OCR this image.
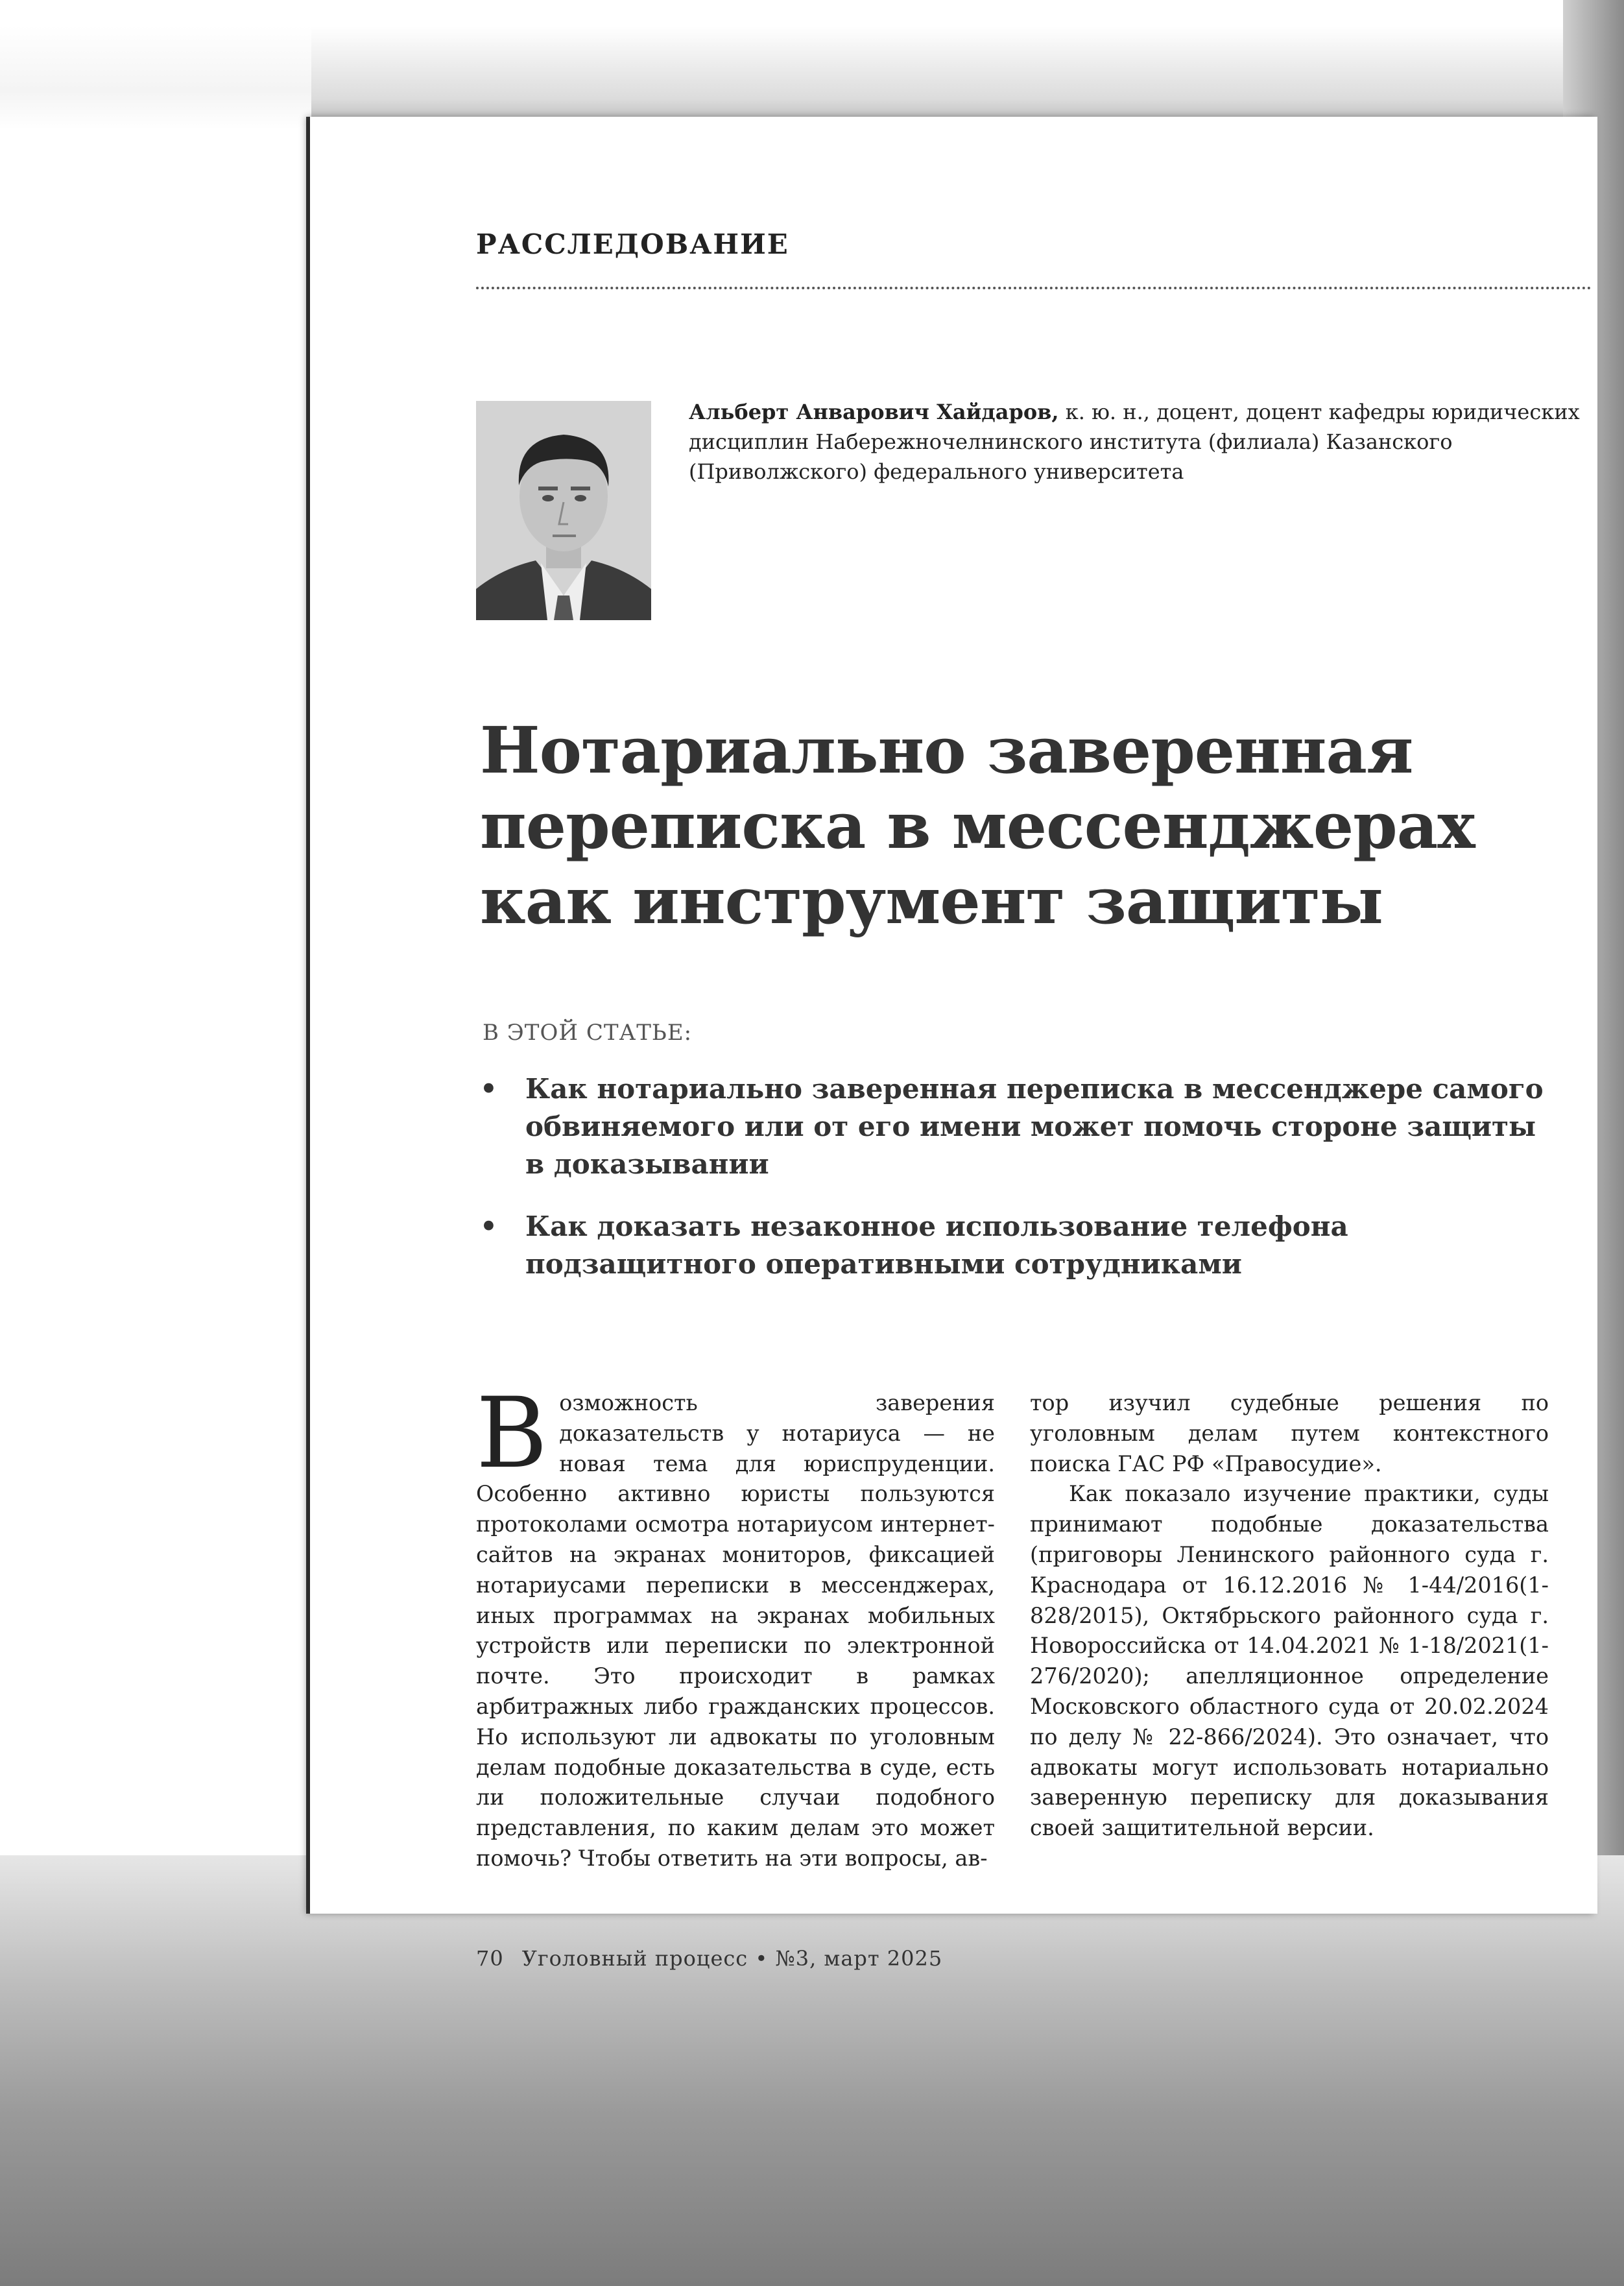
РАССЛЕДОВАНИЕ
Альберт Анварович Хайдаров, к. ю. н., доцент, доцент кафедры юридических дисциплин Набережночелнинского института (филиала) Казанского (Приволжского) федерального университета
Нотариально заверенная
переписка в мессенджерах
как инструмент защиты
В ЭТОЙ СТАТЬЕ:
• Как нотариально заверенная переписка в мессенджере самого обвиняемого или от его имени может помочь стороне защиты в доказывании
• Как доказать незаконное использование телефона подзащитного оперативными сотрудниками

Возможность заверения доказательств у нотариуса — не новая тема для юриспруденции. Особенно активно юристы пользуются протоколами осмотра нотариусом интернет-сайтов на экранах мониторов, фиксацией нотариусами переписки в мессенджерах, иных программах на экранах мобильных устройств или переписки по электронной почте. Это происходит в рамках арбитражных либо гражданских процессов. Но используют ли адвокаты по уголовным делам подобные доказательства в суде, есть ли положительные случаи подобного представления, по каким делам это может помочь? Чтобы ответить на эти вопросы, ав-

тор изучил судебные решения по уголовным делам путем контекстного поиска ГАС РФ «Правосудие».

Как показало изучение практики, суды принимают подобные доказательства (приговоры Ленинского районного суда г. Краснодара от 16.12.2016 № 1-44/2016(1-828/2015), Октябрьского районного суда г. Новороссийска от 14.04.2021 № 1-18/2021(1-276/2020); апелляционное определение Московского областного суда от 20.02.2024 по делу № 22-866/2024). Это означает, что адвокаты могут использовать нотариально заверенную переписку для доказывания своей защитительной версии.

70 Уголовный процесс • №3, март 2025
